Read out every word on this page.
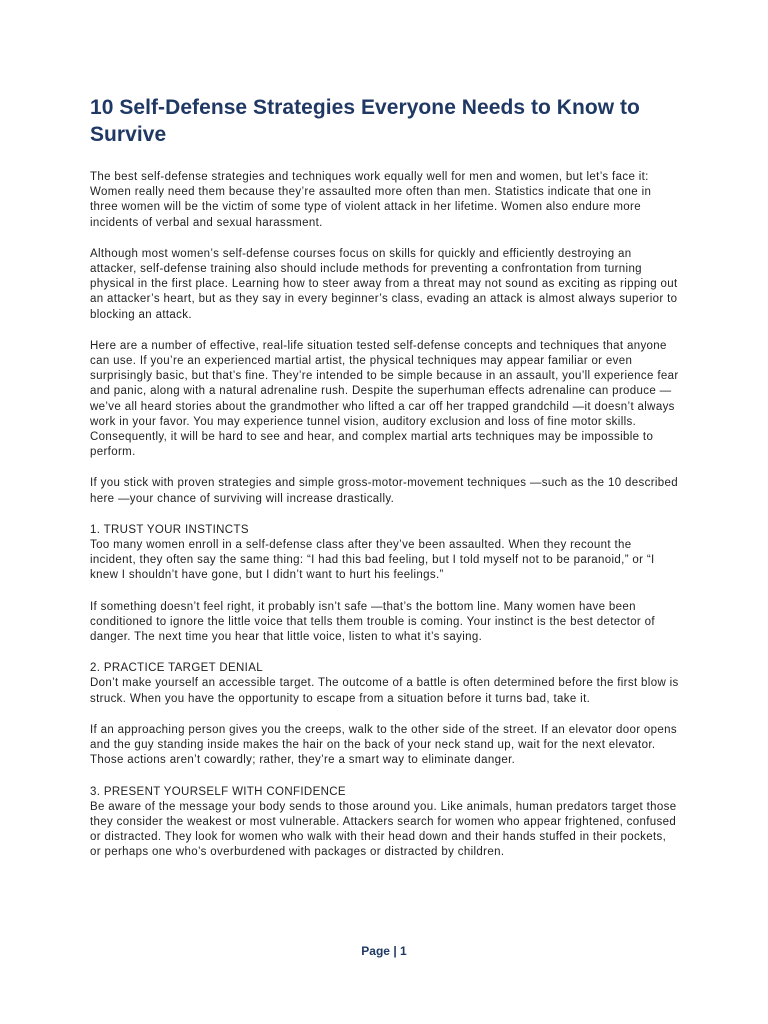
10 Self-Defense Strategies Everyone Needs to Know to Survive

The best self-defense strategies and techniques work equally well for men and women, but let’s face it: Women really need them because they’re assaulted more often than men. Statistics indicate that one in three women will be the victim of some type of violent attack in her lifetime. Women also endure more incidents of verbal and sexual harassment.

Although most women’s self-defense courses focus on skills for quickly and efficiently destroying an attacker, self-defense training also should include methods for preventing a confrontation from turning physical in the first place. Learning how to steer away from a threat may not sound as exciting as ripping out an attacker’s heart, but as they say in every beginner’s class, evading an attack is almost always superior to blocking an attack.

Here are a number of effective, real-life situation tested self-defense concepts and techniques that anyone can use. If you’re an experienced martial artist, the physical techniques may appear familiar or even surprisingly basic, but that’s fine. They’re intended to be simple because in an assault, you’ll experience fear and panic, along with a natural adrenaline rush. Despite the superhuman effects adrenaline can produce —we’ve all heard stories about the grandmother who lifted a car off her trapped grandchild —it doesn’t always work in your favor. You may experience tunnel vision, auditory exclusion and loss of fine motor skills. Consequently, it will be hard to see and hear, and complex martial arts techniques may be impossible to perform.

If you stick with proven strategies and simple gross-motor-movement techniques —such as the 10 described here —your chance of surviving will increase drastically.

1. TRUST YOUR INSTINCTS

Too many women enroll in a self-defense class after they’ve been assaulted. When they recount the incident, they often say the same thing: “I had this bad feeling, but I told myself not to be paranoid,” or “I knew I shouldn’t have gone, but I didn’t want to hurt his feelings.”

If something doesn’t feel right, it probably isn’t safe —that’s the bottom line. Many women have been conditioned to ignore the little voice that tells them trouble is coming. Your instinct is the best detector of danger. The next time you hear that little voice, listen to what it’s saying.

2. PRACTICE TARGET DENIAL

Don’t make yourself an accessible target. The outcome of a battle is often determined before the first blow is struck. When you have the opportunity to escape from a situation before it turns bad, take it.

If an approaching person gives you the creeps, walk to the other side of the street. If an elevator door opens and the guy standing inside makes the hair on the back of your neck stand up, wait for the next elevator. Those actions aren’t cowardly; rather, they’re a smart way to eliminate danger.

3. PRESENT YOURSELF WITH CONFIDENCE

Be aware of the message your body sends to those around you. Like animals, human predators target those they consider the weakest or most vulnerable. Attackers search for women who appear frightened, confused or distracted. They look for women who walk with their head down and their hands stuffed in their pockets, or perhaps one who’s overburdened with packages or distracted by children.

Page | 1
